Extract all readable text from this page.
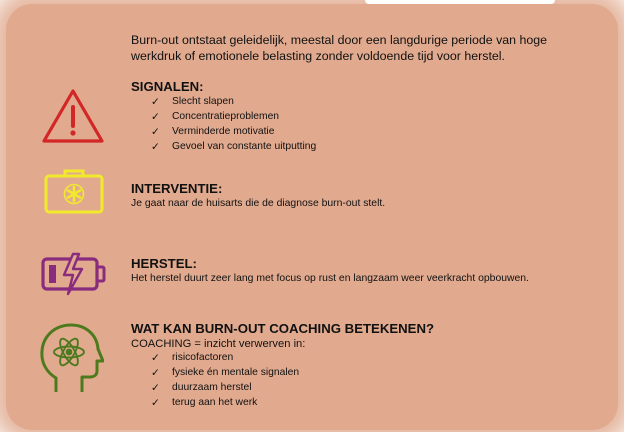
Burn-out ontstaat geleidelijk, meestal door een langdurige periode van hoge werkdruk of emotionele belasting zonder voldoende tijd voor herstel.
SIGNALEN:
✓ Slecht slapen
✓ Concentratieproblemen
✓ Verminderde motivatie
✓ Gevoel van constante uitputting
INTERVENTIE:
Je gaat naar de huisarts die de diagnose burn-out stelt.
HERSTEL:
Het herstel duurt zeer lang met focus op rust en langzaam weer veerkracht opbouwen.
WAT KAN BURN-OUT COACHING BETEKENEN?
COACHING = inzicht verwerven in:
✓ risicofactoren
✓ fysieke én mentale signalen
✓ duurzaam herstel
✓ terug aan het werk
